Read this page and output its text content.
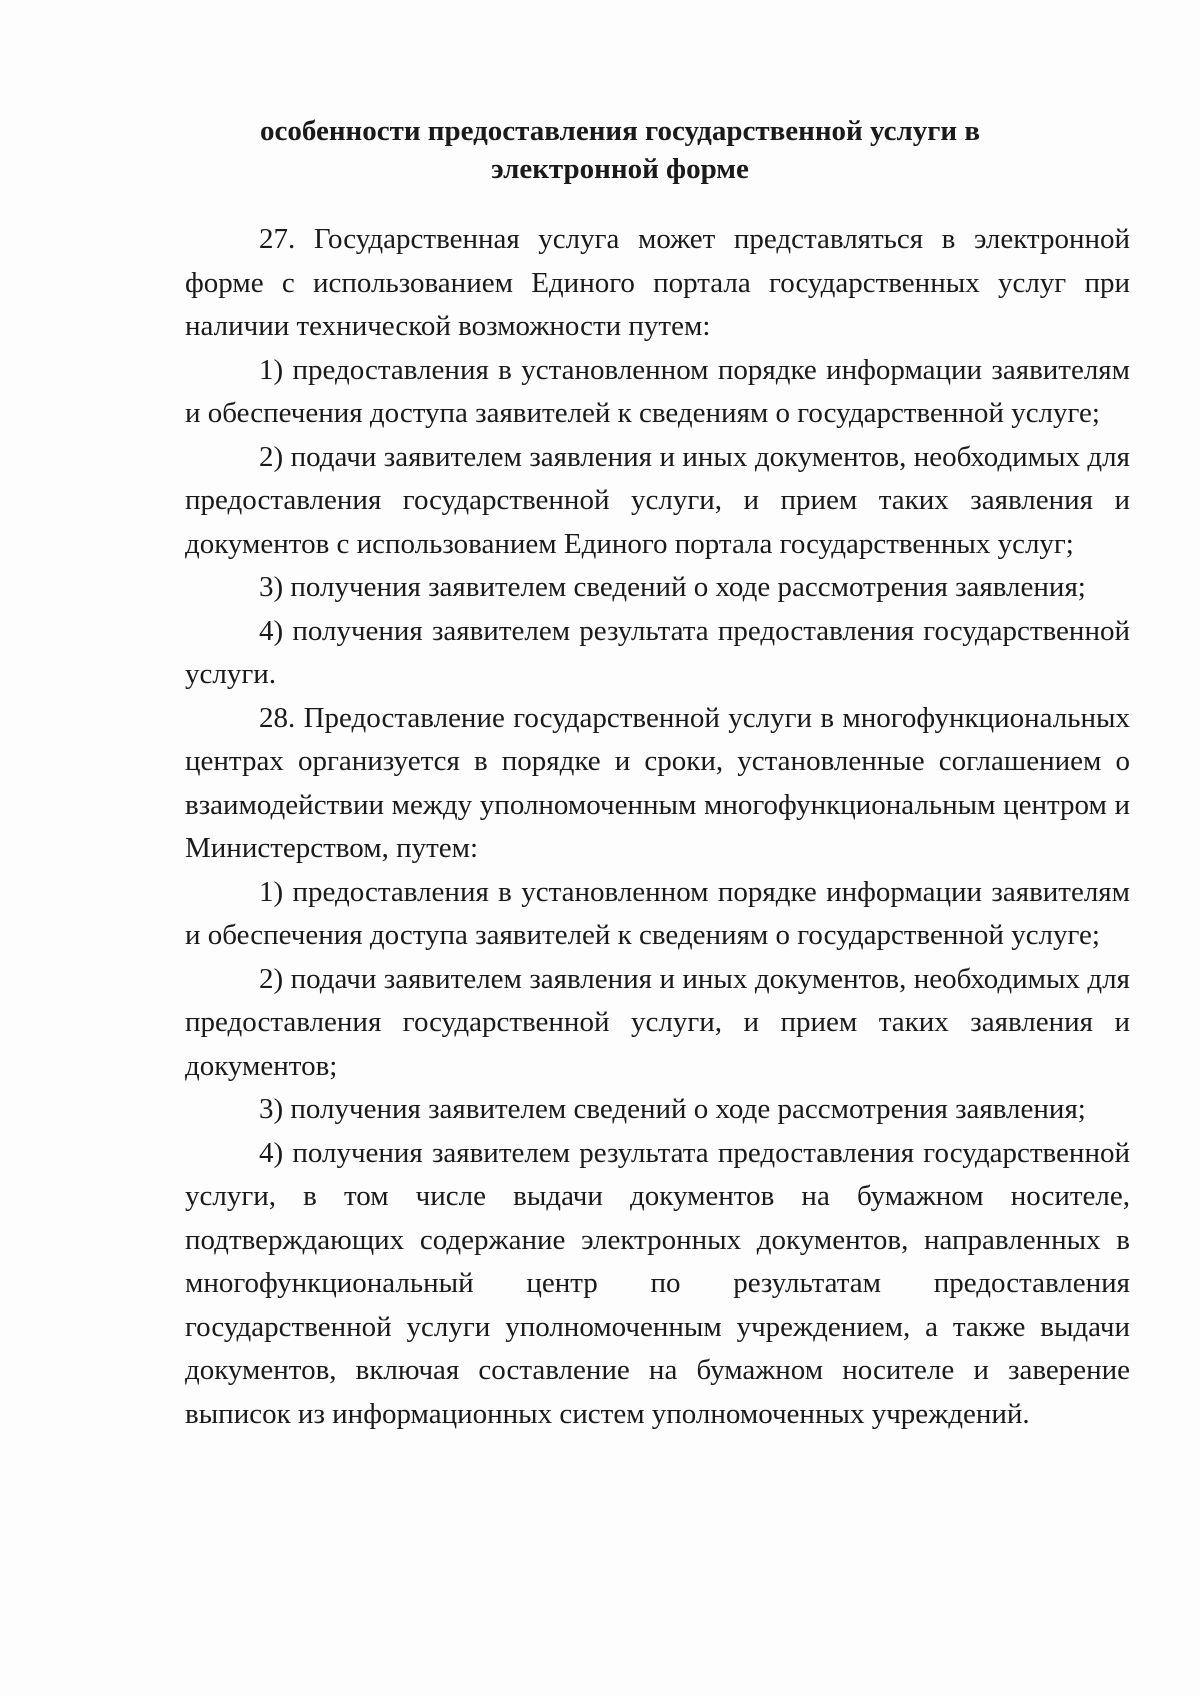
особенности предоставления государственной услуги в
электронной форме

27. Государственная услуга может представляться в электронной форме с использованием Единого портала государственных услуг при наличии технической возможности путем:

1) предоставления в установленном порядке информации заявителям и обеспечения доступа заявителей к сведениям о государственной услуге;

2) подачи заявителем заявления и иных документов, необходимых для предоставления государственной услуги, и прием таких заявления и документов с использованием Единого портала государственных услуг;

3) получения заявителем сведений о ходе рассмотрения заявления;

4) получения заявителем результата предоставления государственной услуги.

28. Предоставление государственной услуги в многофункциональных центрах организуется в порядке и сроки, установленные соглашением о взаимодействии между уполномоченным многофункциональным центром и Министерством, путем:

1) предоставления в установленном порядке информации заявителям и обеспечения доступа заявителей к сведениям о государственной услуге;

2) подачи заявителем заявления и иных документов, необходимых для предоставления государственной услуги, и прием таких заявления и документов;

3) получения заявителем сведений о ходе рассмотрения заявления;

4) получения заявителем результата предоставления государственной услуги, в том числе выдачи документов на бумажном носителе, подтверждающих содержание электронных документов, направленных в многофункциональный центр по результатам предоставления государственной услуги уполномоченным учреждением, а также выдачи документов, включая составление на бумажном носителе и заверение выписок из информационных систем уполномоченных учреждений.
